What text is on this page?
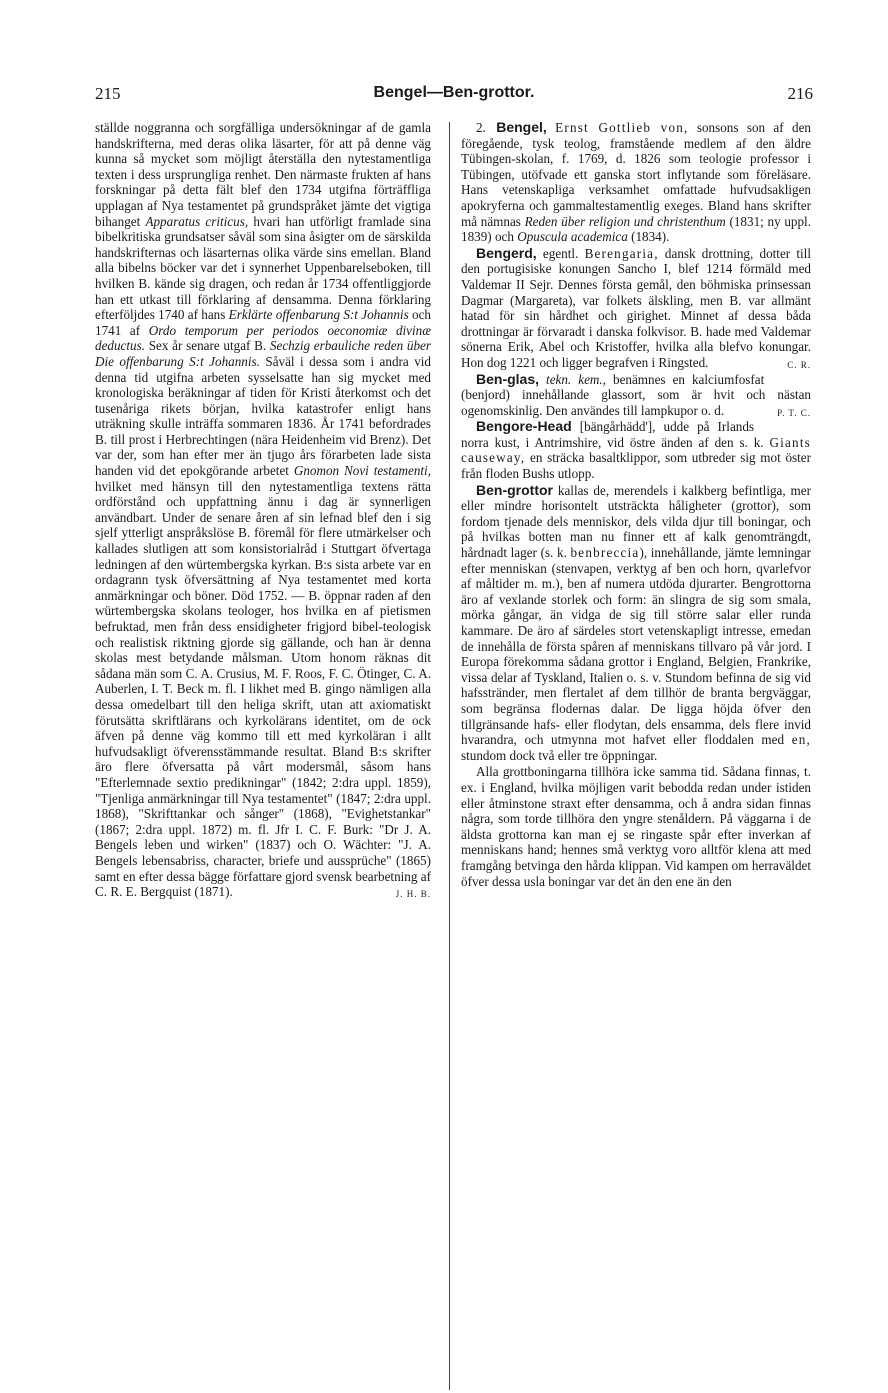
215	Bengel—Ben-grottor.	216

ställde noggranna och sorgfälliga undersökningar af de gamla handskrifterna, med deras olika läsarter, för att på denne väg kunna så mycket som möjligt återställa den nytestamentliga texten i dess ursprungliga renhet. Den närmaste frukten af hans forskningar på detta fält blef den 1734 utgifna förträffliga upplagan af Nya testamentet på grundspråket jämte det vigtiga bihanget Apparatus criticus, hvari han utförligt framlade sina bibelkritiska grundsatser såväl som sina åsigter om de särskilda handskrifternas och läsarternas olika värde sins emellan. Bland alla bibelns böcker var det i synnerhet Uppenbarelseboken, till hvilken B. kände sig dragen, och redan år 1734 offentliggjorde han ett utkast till förklaring af densamma. Denna förklaring efterföljdes 1740 af hans Erklärte offenbarung S:t Johannis och 1741 af Ordo temporum per periodos oeconomiæ divinæ deductus. Sex år senare utgaf B. Sechzig erbauliche reden über Die offenbarung S:t Johannis. Såväl i dessa som i andra vid denna tid utgifna arbeten sysselsatte han sig mycket med kronologiska beräkningar af tiden för Kristi återkomst och det tusenåriga rikets början, hvilka katastrofer enligt hans uträkning skulle inträffa sommaren 1836. År 1741 befordrades B. till prost i Herbrechtingen (nära Heidenheim vid Brenz). Det var der, som han efter mer än tjugo års förarbeten lade sista handen vid det epokgörande arbetet Gnomon Novi testamenti, hvilket med hänsyn till den nytestamentliga textens rätta ordförstånd och uppfattning ännu i dag är synnerligen användbart. Under de senare åren af sin lefnad blef den i sig sjelf ytterligt anspråkslöse B. föremål för flere utmärkelser och kallades slutligen att som konsistorialråd i Stuttgart öfvertaga ledningen af den würtembergska kyrkan. B:s sista arbete var en ordagrann tysk öfversättning af Nya testamentet med korta anmärkningar och böner. Död 1752. — B. öppnar raden af den würtembergska skolans teologer, hos hvilka en af pietismen befruktad, men från dess ensidigheter frigjord bibel-teologisk och realistisk riktning gjorde sig gällande, och han är denna skolas mest betydande målsman. Utom honom räknas dit sådana män som C. A. Crusius, M. F. Roos, F. C. Ötinger, C. A. Auberlen, I. T. Beck m. fl. I likhet med B. gingo nämligen alla dessa omedelbart till den heliga skrift, utan att axiomatiskt förutsätta skriftlärans och kyrkolärans identitet, om de ock äfven på denne väg kommo till ett med kyrkoläran i allt hufvudsakligt öfverensstämmande resultat. Bland B:s skrifter äro flere öfversatta på vårt modersmål, såsom hans "Efterlemnade sextio predikningar" (1842; 2:dra uppl. 1859), "Tjenliga anmärkningar till Nya testamentet" (1847; 2:dra uppl. 1868), "Skrifttankar och sånger" (1868), "Evighetstankar" (1867; 2:dra uppl. 1872) m. fl. Jfr I. C. F. Burk: "Dr J. A. Bengels leben und wirken" (1837) och O. Wächter: "J. A. Bengels lebensabriss, character, briefe und aussprüche" (1865) samt en efter dessa bägge författare gjord svensk bearbetning af C. R. E. Bergquist (1871).	J. H. B.

2. Bengel, Ernst Gottlieb von, sonsons son af den föregående, tysk teolog, framstående medlem af den äldre Tübingen-skolan, f. 1769, d. 1826 som teologie professor i Tübingen, utöfvade ett ganska stort inflytande som föreläsare. Hans vetenskapliga verksamhet omfattade hufvudsakligen apokryferna och gammaltestamentlig exeges. Bland hans skrifter må nämnas Reden über religion und christenthum (1831; ny uppl. 1839) och Opuscula academica (1834).

Bengerd, egentl. Berengaria, dansk drottning, dotter till den portugisiske konungen Sancho I, blef 1214 förmäld med Valdemar II Sejr. Dennes första gemål, den böhmiska prinsessan Dagmar (Margareta), var folkets älskling, men B. var allmänt hatad för sin hårdhet och girighet. Minnet af dessa båda drottningar är förvaradt i danska folkvisor. B. hade med Valdemar sönerna Erik, Abel och Kristoffer, hvilka alla blefvo konungar. Hon dog 1221 och ligger begrafven i Ringsted.	C. R.

Ben-glas, tekn. kem., benämnes en kalciumfosfat (benjord) innehållande glassort, som är hvit och nästan ogenomskinlig. Den användes till lampkupor o. d.	P. T. C.

Bengore-Head [bängårhädd'], udde på Irlands norra kust, i Antrimshire, vid östre änden af den s. k. Giants causeway, en sträcka basaltklippor, som utbreder sig mot öster från floden Bushs utlopp.

Ben-grottor kallas de, merendels i kalkberg befintliga, mer eller mindre horisontelt utsträckta håligheter (grottor), som fordom tjenade dels menniskor, dels vilda djur till boningar, och på hvilkas botten man nu finner ett af kalk genomträngdt, hårdnadt lager (s. k. benbreccia), innehållande, jämte lemningar efter menniskan (stenvapen, verktyg af ben och horn, qvarlefvor af måltider m. m.), ben af numera utdöda djurarter. Bengrottorna äro af vexlande storlek och form: än slingra de sig som smala, mörka gångar, än vidga de sig till större salar eller runda kammare. De äro af särdeles stort vetenskapligt intresse, emedan de innehålla de första spåren af menniskans tillvaro på vår jord. I Europa förekomma sådana grottor i England, Belgien, Frankrike, vissa delar af Tyskland, Italien o. s. v. Stundom befinna de sig vid hafsstränder, men flertalet af dem tillhör de branta bergväggar, som begränsa flodernas dalar. De ligga höjda öfver den tillgränsande hafs- eller flodytan, dels ensamma, dels flere invid hvarandra, och utmynna mot hafvet eller floddalen med en, stundom dock två eller tre öppningar.

Alla grottboningarna tillhöra icke samma tid. Sådana finnas, t. ex. i England, hvilka möjligen varit bebodda redan under istiden eller åtminstone straxt efter densamma, och å andra sidan finnas några, som torde tillhöra den yngre stenåldern. På väggarna i de äldsta grottorna kan man ej se ringaste spår efter inverkan af menniskans hand; hennes små verktyg voro alltför klena att med framgång betvinga den hårda klippan. Vid kampen om herraväldet öfver dessa usla boningar var det än den ene än den
